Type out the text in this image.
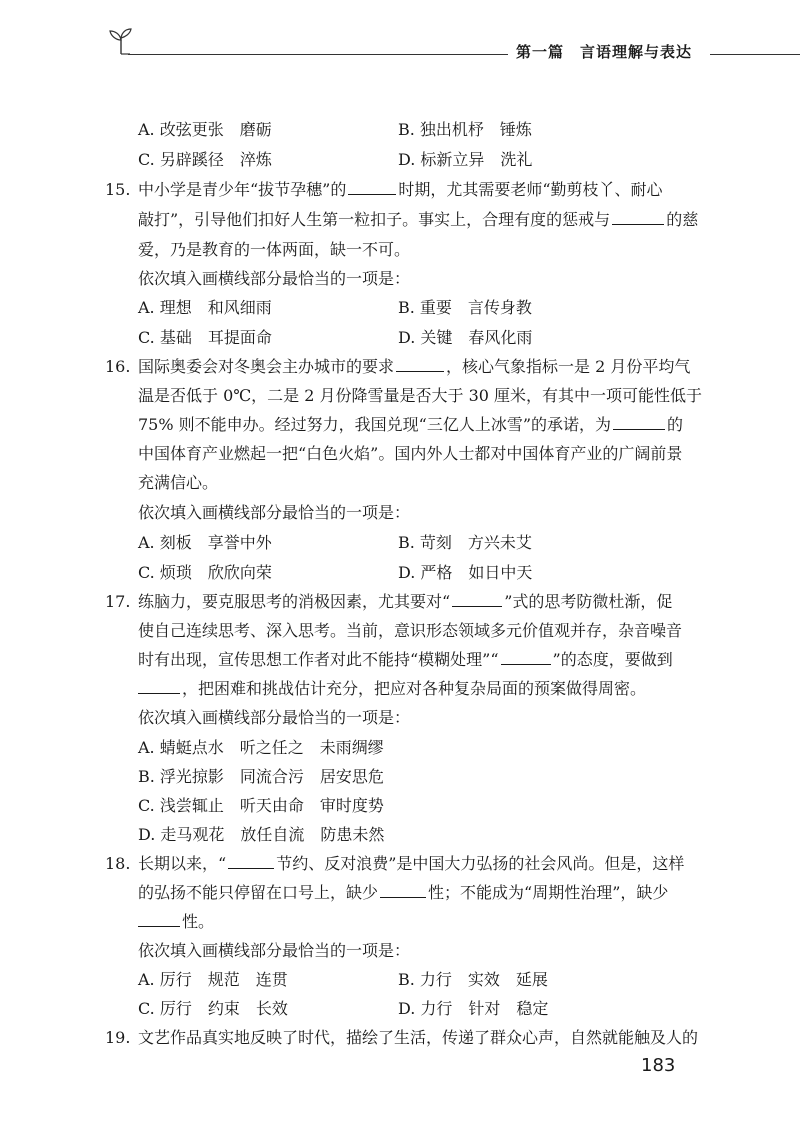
第一篇　言语理解与表达
A. 改弦更张　磨砺	B. 独出机杼　锤炼
C. 另辟蹊径　淬炼	D. 标新立异　洗礼
15. 中小学是青少年“拔节孕穗”的	时期，尤其需要老师“勤剪枝丫、耐心
敲打”，引导他们扣好人生第一粒扣子。事实上，合理有度的惩戒与	的慈
爱，乃是教育的一体两面，缺一不可。
依次填入画横线部分最恰当的一项是：
A. 理想　和风细雨	B. 重要　言传身教
C. 基础　耳提面命	D. 关键　春风化雨
16. 国际奥委会对冬奥会主办城市的要求	，核心气象指标一是 2 月份平均气
温是否低于 0℃，二是 2 月份降雪量是否大于 30 厘米，有其中一项可能性低于
75% 则不能申办。经过努力，我国兑现“三亿人上冰雪”的承诺，为	的
中国体育产业燃起一把“白色火焰”。国内外人士都对中国体育产业的广阔前景
充满信心。
依次填入画横线部分最恰当的一项是：
A. 刻板　享誉中外	B. 苛刻　方兴未艾
C. 烦琐　欣欣向荣	D. 严格　如日中天
17. 练脑力，要克服思考的消极因素，尤其要对“	”式的思考防微杜渐，促
使自己连续思考、深入思考。当前，意识形态领域多元价值观并存，杂音噪音
时有出现，宣传思想工作者对此不能持“模糊处理”“	”的态度，要做到
，把困难和挑战估计充分，把应对各种复杂局面的预案做得周密。
依次填入画横线部分最恰当的一项是：
A. 蜻蜓点水　听之任之　未雨绸缪
B. 浮光掠影　同流合污　居安思危
C. 浅尝辄止　听天由命　审时度势
D. 走马观花　放任自流　防患未然
18. 长期以来，“	节约、反对浪费”是中国大力弘扬的社会风尚。但是，这样
的弘扬不能只停留在口号上，缺少	性；不能成为“周期性治理”，缺少
性。
依次填入画横线部分最恰当的一项是：
A. 厉行　规范　连贯	B. 力行　实效　延展
C. 厉行　约束　长效	D. 力行　针对　稳定
19. 文艺作品真实地反映了时代，描绘了生活，传递了群众心声，自然就能触及人的
183
